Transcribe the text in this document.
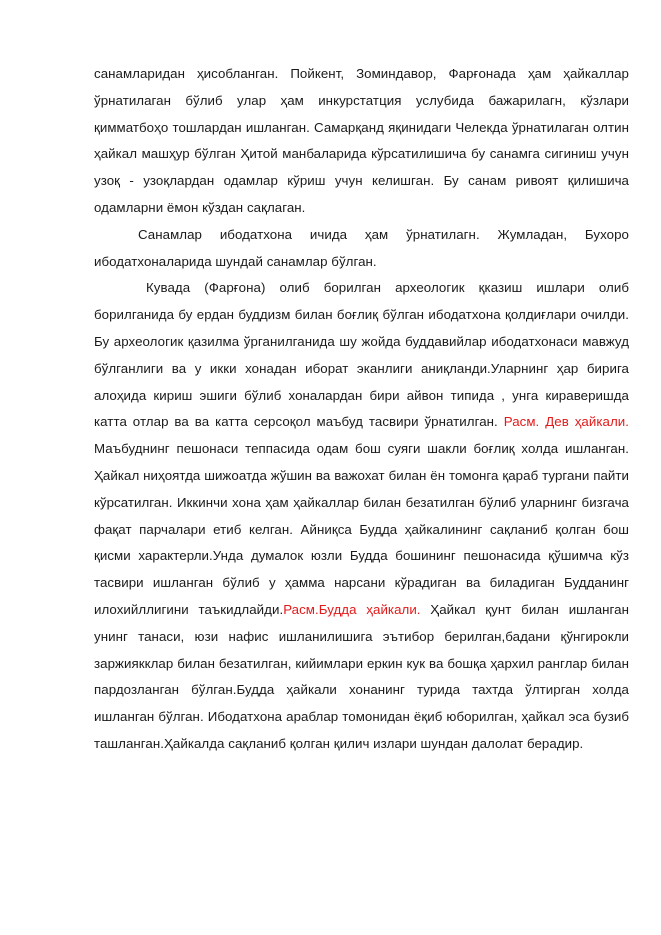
санамларидан ҳисобланган. Пойкент, Зоминдавор, Фарғонада ҳам ҳайкаллар ўрнатилаган бўлиб улар ҳам инкурстатция услубида бажарилагн, кўзлари қимматбоҳо тошлардан ишланган. Самарқанд яқинидаги Челекда ўрнатилаган олтин ҳайкал машҳур бўлган Ҳитой манбаларида кўрсатилишича бу санамга сигиниш учун узоқ - узоқлардан одамлар кўриш учун келишган. Бу санам ривоят қилишича одамларни ёмон кўздан сақлаган.

Санамлар ибодатхона ичида ҳам ўрнатилагн. Жумладан, Бухоро ибодатхоналарида шундай санамлар бўлган.

Кувада (Фарғона) олиб борилган археологик қказиш ишлари олиб борилганида бу ердан буддизм билан боғлиқ бўлган ибодатхона қолдиғлари очилди. Бу археологик қазилма ўрганилганида шу жойда буддавийлар ибодатхонаси мавжуд бўлганлиги ва у икки хонадан иборат эканлиги аниқланди.Уларнинг ҳар бирига алоҳида кириш эшиги бўлиб хоналардан бири айвон типида , унга кираверишда катта отлар ва ва катта серсоқол маъбуд тасвири ўрнатилган. Расм. Дев ҳайкали. Маъбуднинг пешонаси теппасида одам бош суяги шакли боғлиқ холда ишланган. Ҳайкал ниҳоятда шижоатда жўшин ва важохат билан ён томонга қараб тургани пайти кўрсатилган. Иккинчи хона ҳам ҳайкаллар билан безатилган бўлиб уларнинг бизгача фақат парчалари етиб келган. Айниқса Будда ҳайкалининг сақланиб қолган бош қисми характерли.Унда думалок юзли Будда бошининг пешонасида қўшимча кўз тасвири ишланган бўлиб у ҳамма нарсани кўрадиган ва биладиган Будданинг илохийллигини таъкидлайди.Расм.Будда ҳайкали. Ҳайкал қунт билан ишланган унинг танаси, юзи нафис ишланилишига эътибор берилган,бадани қўнгирокли заржиякклар билан безатилган, кийимлари еркин кук ва бошқа ҳархил ранглар билан пардозланган бўлган.Будда ҳайкали хонанинг турида тахтда ўлтирган холда ишланган бўлган. Ибодатхона араблар томонидан ёқиб юборилган, ҳайкал эса бузиб ташланган.Ҳайкалда сақланиб қолган қилич излари шундан далолат берадир.
